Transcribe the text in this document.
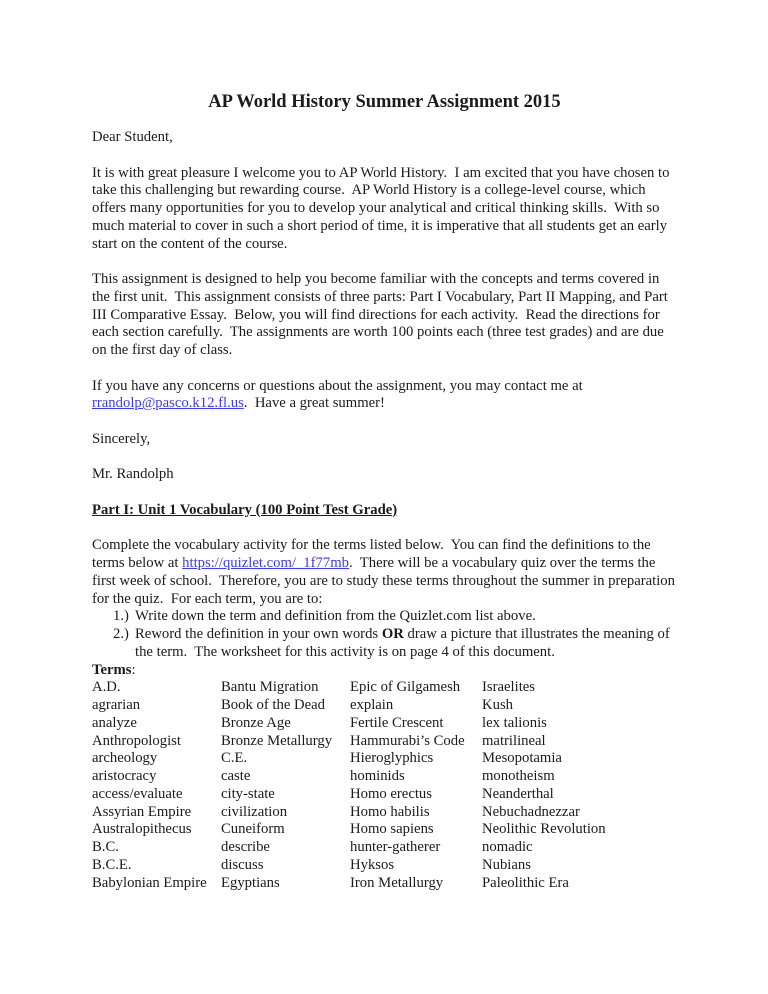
AP World History Summer Assignment 2015

Dear Student,

It is with great pleasure I welcome you to AP World History.  I am excited that you have chosen to take this challenging but rewarding course.  AP World History is a college-level course, which offers many opportunities for you to develop your analytical and critical thinking skills.  With so much material to cover in such a short period of time, it is imperative that all students get an early start on the content of the course.

This assignment is designed to help you become familiar with the concepts and terms covered in the first unit.  This assignment consists of three parts: Part I Vocabulary, Part II Mapping, and Part III Comparative Essay.  Below, you will find directions for each activity.  Read the directions for each section carefully.  The assignments are worth 100 points each (three test grades) and are due on the first day of class.

If you have any concerns or questions about the assignment, you may contact me at rrandolp@pasco.k12.fl.us.  Have a great summer!

Sincerely,

Mr. Randolph

Part I: Unit 1 Vocabulary (100 Point Test Grade)

Complete the vocabulary activity for the terms listed below.  You can find the definitions to the terms below at https://quizlet.com/_1f77mb.  There will be a vocabulary quiz over the terms the first week of school.  Therefore, you are to study these terms throughout the summer in preparation for the quiz.  For each term, you are to:

1.) Write down the term and definition from the Quizlet.com list above.
2.) Reword the definition in your own words OR draw a picture that illustrates the meaning of the term.  The worksheet for this activity is on page 4 of this document.

Terms:

A.D.
agrarian
analyze
Anthropologist
archeology
aristocracy
access/evaluate
Assyrian Empire
Australopithecus
B.C.
B.C.E.
Babylonian Empire
Bantu Migration
Book of the Dead
Bronze Age
Bronze Metallurgy
C.E.
caste
city-state
civilization
Cuneiform
describe
discuss
Egyptians
Epic of Gilgamesh
explain
Fertile Crescent
Hammurabi’s Code
Hieroglyphics
hominids
Homo erectus
Homo habilis
Homo sapiens
hunter-gatherer
Hyksos
Iron Metallurgy
Israelites
Kush
lex talionis
matrilineal
Mesopotamia
monotheism
Neanderthal
Nebuchadnezzar
Neolithic Revolution
nomadic
Nubians
Paleolithic Era
